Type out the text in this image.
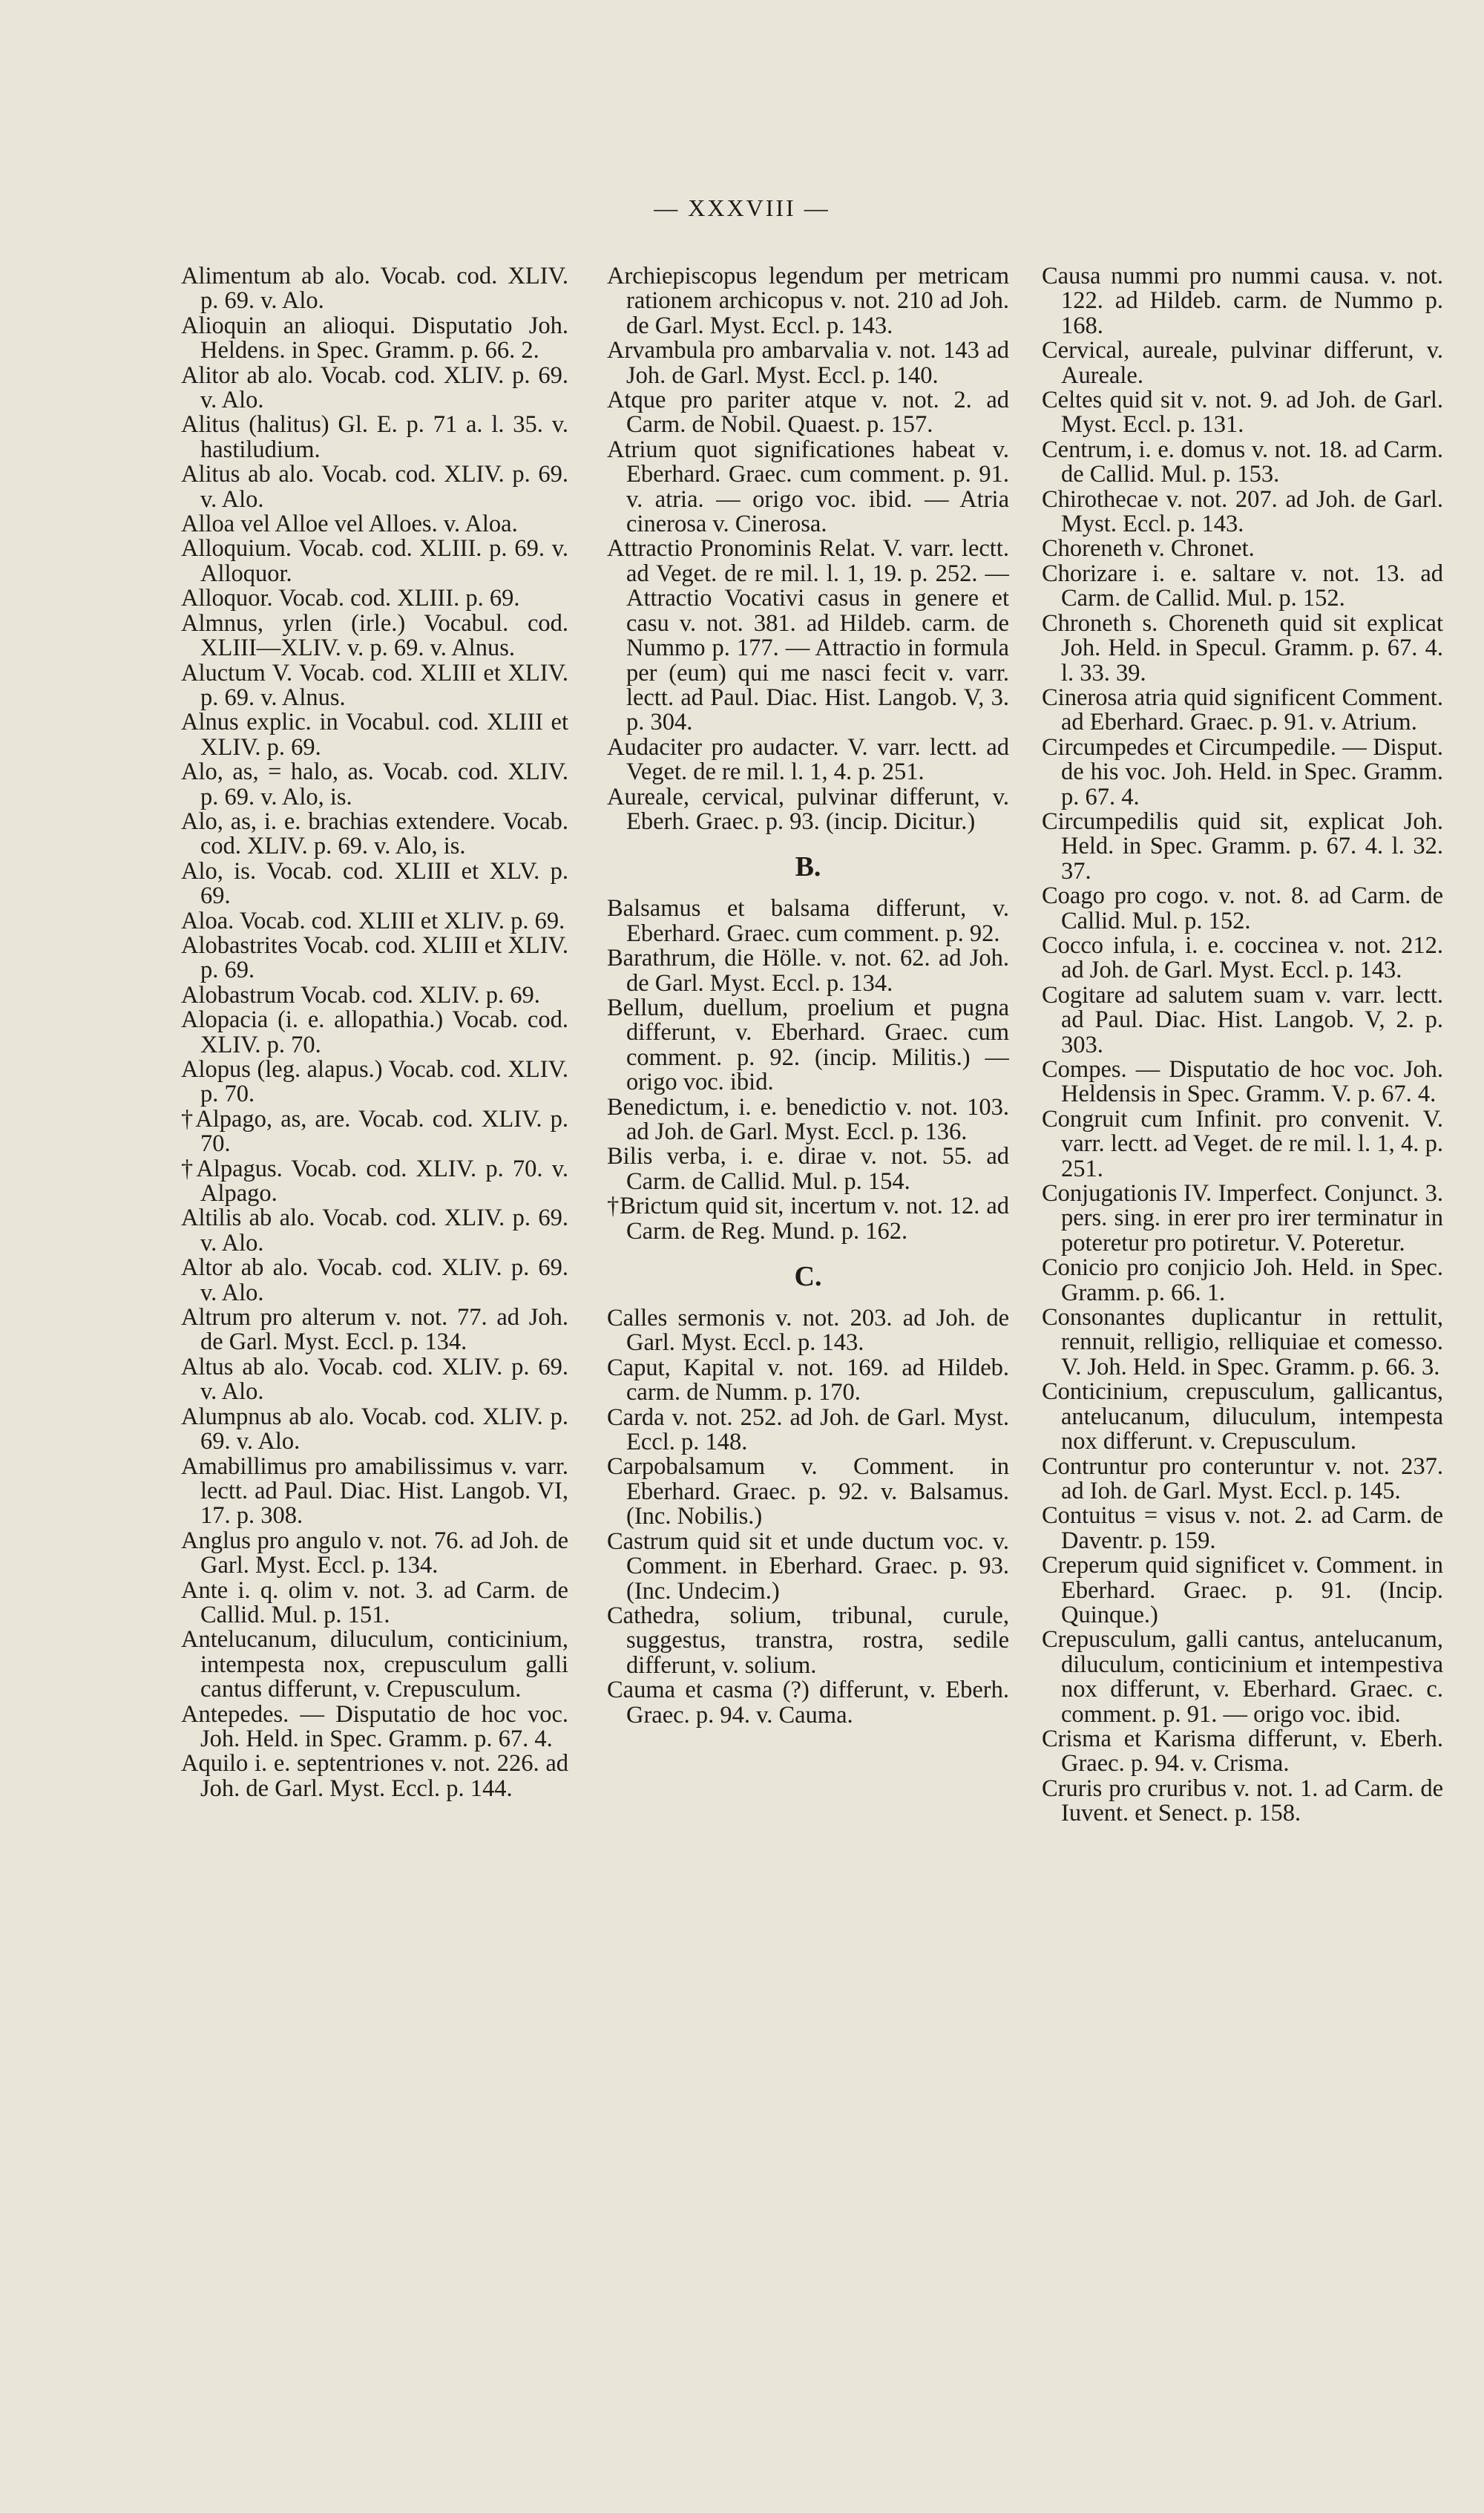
— XXXVIII —

Alimentum ab alo. Vocab. cod. XLIV. p. 69. v. Alo.

Alioquin an alioqui. Disputatio Joh. Heldens. in Spec. Gramm. p. 66. 2.

Alitor ab alo. Vocab. cod. XLIV. p. 69. v. Alo.

Alitus (halitus) Gl. E. p. 71 a. l. 35. v. hastiludium.

Alitus ab alo. Vocab. cod. XLIV. p. 69. v. Alo.

Alloa vel Alloe vel Alloes. v. Aloa.

Alloquium. Vocab. cod. XLIII. p. 69. v. Alloquor.

Alloquor. Vocab. cod. XLIII. p. 69.

Almnus, yrlen (irle.) Vocabul. cod. XLIII—XLIV. v. p. 69. v. Alnus.

Aluctum V. Vocab. cod. XLIII et XLIV. p. 69. v. Alnus.

Alnus explic. in Vocabul. cod. XLIII et XLIV. p. 69.

Alo, as, = halo, as. Vocab. cod. XLIV. p. 69. v. Alo, is.

Alo, as, i. e. brachias extendere. Vocab. cod. XLIV. p. 69. v. Alo, is.

Alo, is. Vocab. cod. XLIII et XLV. p. 69.

Aloa. Vocab. cod. XLIII et XLIV. p. 69.

Alobastrites Vocab. cod. XLIII et XLIV. p. 69.

Alobastrum Vocab. cod. XLIV. p. 69.

Alopacia (i. e. allopathia.) Vocab. cod. XLIV. p. 70.

Alopus (leg. alapus.) Vocab. cod. XLIV. p. 70.

†Alpago, as, are. Vocab. cod. XLIV. p. 70.

†Alpagus. Vocab. cod. XLIV. p. 70. v. Alpago.

Altilis ab alo. Vocab. cod. XLIV. p. 69. v. Alo.

Altor ab alo. Vocab. cod. XLIV. p. 69. v. Alo.

Altrum pro alterum v. not. 77. ad Joh. de Garl. Myst. Eccl. p. 134.

Altus ab alo. Vocab. cod. XLIV. p. 69. v. Alo.

Alumpnus ab alo. Vocab. cod. XLIV. p. 69. v. Alo.

Amabillimus pro amabilissimus v. varr. lectt. ad Paul. Diac. Hist. Langob. VI, 17. p. 308.

Anglus pro angulo v. not. 76. ad Joh. de Garl. Myst. Eccl. p. 134.

Ante i. q. olim v. not. 3. ad Carm. de Callid. Mul. p. 151.

Antelucanum, diluculum, conticinium, intempesta nox, crepusculum galli cantus differunt, v. Crepusculum.

Antepedes. — Disputatio de hoc voc. Joh. Held. in Spec. Gramm. p. 67. 4.

Aquilo i. e. septentriones v. not. 226. ad Joh. de Garl. Myst. Eccl. p. 144.

Archiepiscopus legendum per metricam rationem archicopus v. not. 210 ad Joh. de Garl. Myst. Eccl. p. 143.

Arvambula pro ambarvalia v. not. 143 ad Joh. de Garl. Myst. Eccl. p. 140.

Atque pro pariter atque v. not. 2. ad Carm. de Nobil. Quaest. p. 157.

Atrium quot significationes habeat v. Eberhard. Graec. cum comment. p. 91. v. atria. — origo voc. ibid. — Atria cinerosa v. Cinerosa.

Attractio Pronominis Relat. V. varr. lectt. ad Veget. de re mil. l. 1, 19. p. 252. — Attractio Vocativi casus in genere et casu v. not. 381. ad Hildeb. carm. de Nummo p. 177. — Attractio in formula per (eum) qui me nasci fecit v. varr. lectt. ad Paul. Diac. Hist. Langob. V, 3. p. 304.

Audaciter pro audacter. V. varr. lectt. ad Veget. de re mil. l. 1, 4. p. 251.

Aureale, cervical, pulvinar differunt, v. Eberh. Graec. p. 93. (incip. Dicitur.)

B.

Balsamus et balsama differunt, v. Eberhard. Graec. cum comment. p. 92.

Barathrum, die Hölle. v. not. 62. ad Joh. de Garl. Myst. Eccl. p. 134.

Bellum, duellum, proelium et pugna differunt, v. Eberhard. Graec. cum comment. p. 92. (incip. Militis.) — origo voc. ibid.

Benedictum, i. e. benedictio v. not. 103. ad Joh. de Garl. Myst. Eccl. p. 136.

Bilis verba, i. e. dirae v. not. 55. ad Carm. de Callid. Mul. p. 154.

†Brictum quid sit, incertum v. not. 12. ad Carm. de Reg. Mund. p. 162.

C.

Calles sermonis v. not. 203. ad Joh. de Garl. Myst. Eccl. p. 143.

Caput, Kapital v. not. 169. ad Hildeb. carm. de Numm. p. 170.

Carda v. not. 252. ad Joh. de Garl. Myst. Eccl. p. 148.

Carpobalsamum v. Comment. in Eberhard. Graec. p. 92. v. Balsamus. (Inc. Nobilis.)

Castrum quid sit et unde ductum voc. v. Comment. in Eberhard. Graec. p. 93. (Inc. Undecim.)

Cathedra, solium, tribunal, curule, suggestus, transtra, rostra, sedile differunt, v. solium.

Cauma et casma (?) differunt, v. Eberh. Graec. p. 94. v. Cauma.

Causa nummi pro nummi causa. v. not. 122. ad Hildeb. carm. de Nummo p. 168.

Cervical, aureale, pulvinar differunt, v. Aureale.

Celtes quid sit v. not. 9. ad Joh. de Garl. Myst. Eccl. p. 131.

Centrum, i. e. domus v. not. 18. ad Carm. de Callid. Mul. p. 153.

Chirothecae v. not. 207. ad Joh. de Garl. Myst. Eccl. p. 143.

Choreneth v. Chronet.

Chorizare i. e. saltare v. not. 13. ad Carm. de Callid. Mul. p. 152.

Chroneth s. Choreneth quid sit explicat Joh. Held. in Specul. Gramm. p. 67. 4. l. 33. 39.

Cinerosa atria quid significent Comment. ad Eberhard. Graec. p. 91. v. Atrium.

Circumpedes et Circumpedile. — Disput. de his voc. Joh. Held. in Spec. Gramm. p. 67. 4.

Circumpedilis quid sit, explicat Joh. Held. in Spec. Gramm. p. 67. 4. l. 32. 37.

Coago pro cogo. v. not. 8. ad Carm. de Callid. Mul. p. 152.

Cocco infula, i. e. coccinea v. not. 212. ad Joh. de Garl. Myst. Eccl. p. 143.

Cogitare ad salutem suam v. varr. lectt. ad Paul. Diac. Hist. Langob. V, 2. p. 303.

Compes. — Disputatio de hoc voc. Joh. Heldensis in Spec. Gramm. V. p. 67. 4.

Congruit cum Infinit. pro convenit. V. varr. lectt. ad Veget. de re mil. l. 1, 4. p. 251.

Conjugationis IV. Imperfect. Conjunct. 3. pers. sing. in erer pro irer terminatur in poteretur pro potiretur. V. Poteretur.

Conicio pro conjicio Joh. Held. in Spec. Gramm. p. 66. 1.

Consonantes duplicantur in rettulit, rennuit, relligio, relliquiae et comesso. V. Joh. Held. in Spec. Gramm. p. 66. 3.

Conticinium, crepusculum, gallicantus, antelucanum, diluculum, intempesta nox differunt. v. Crepusculum.

Contruntur pro conteruntur v. not. 237. ad Ioh. de Garl. Myst. Eccl. p. 145.

Contuitus = visus v. not. 2. ad Carm. de Daventr. p. 159.

Creperum quid significet v. Comment. in Eberhard. Graec. p. 91. (Incip. Quinque.)

Crepusculum, galli cantus, antelucanum, diluculum, conticinium et intempestiva nox differunt, v. Eberhard. Graec. c. comment. p. 91. — origo voc. ibid.

Crisma et Karisma differunt, v. Eberh. Graec. p. 94. v. Crisma.

Cruris pro cruribus v. not. 1. ad Carm. de Iuvent. et Senect. p. 158.
